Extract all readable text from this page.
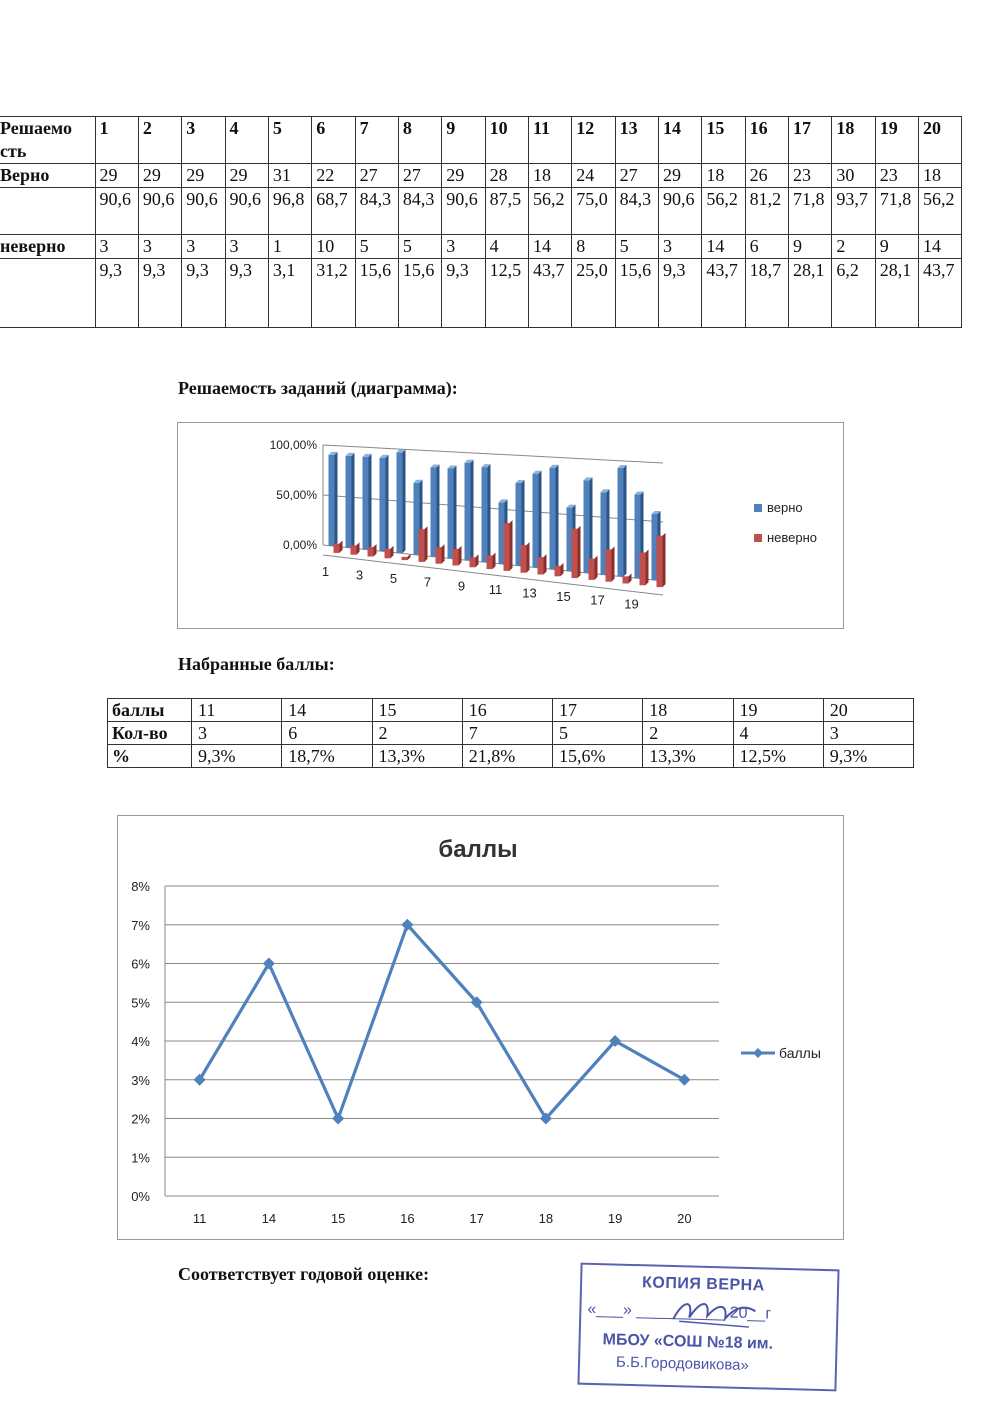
Решаемо
сть	1	2	3	4	5	6	7	8	9	10	11	12	13	14	15	16	17	18	19	20
Верно	29	29	29	29	31	22	27	27	29	28	18	24	27	29	18	26	23	30	23	18
	90,6	90,6	90,6	90,6	96,8	68,7	84,3	84,3	90,6	87,5	56,2	75,0	84,3	90,6	56,2	81,2	71,8	93,7	71,8	56,2
неверно	3	3	3	3	1	10	5	5	3	4	14	8	5	3	14	6	9	2	9	14
	9,3	9,3	9,3	9,3	3,1	31,2	15,6	15,6	9,3	12,5	43,7	25,0	15,6	9,3	43,7	18,7	28,1	6,2	28,1	43,7
Решаемость заданий (диаграмма):
100,00%
50,00%
0,00%
1 3 5 7 9 11 13 15 17 19
верно
неверно
Набранные баллы:
баллы	11	14	15	16	17	18	19	20
Кол-во	3	6	2	7	5	2	4	3
%	9,3%	18,7%	13,3%	21,8%	15,6%	13,3%	12,5%	9,3%
баллы
0%
1%
2%
3%
4%
5%
6%
7%
8%
11	14	15	16	17	18	19	20
баллы
Соответствует годовой оценке:
КОПИЯ ВЕРНА
«___» __________ 20__г
МБОУ «СОШ №18 им.
Б.Б.Городовикова»
